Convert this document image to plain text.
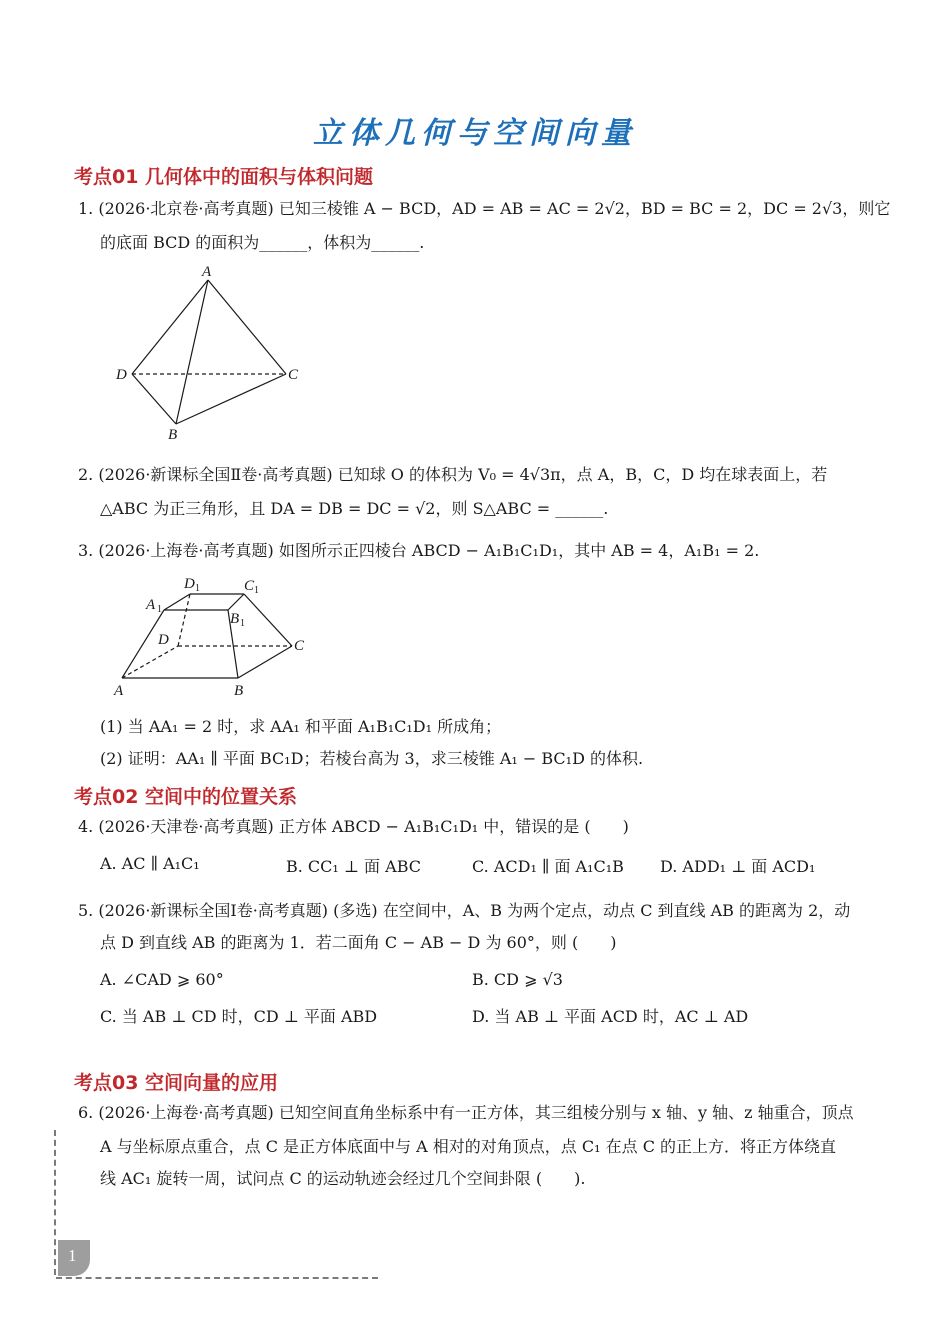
立体几何与空间向量
考点01 几何体中的面积与体积问题
1. (2026·北京卷·高考真题) 已知三棱锥 A − BCD，AD = AB = AC = 2√2，BD = BC = 2，DC = 2√3，则它
的底面 BCD 的面积为______，体积为______.
A
D	C
B
2. (2026·新课标全国Ⅱ卷·高考真题) 已知球 O 的体积为 V₀ = 4√3π，点 A，B，C，D 均在球表面上，若
△ABC 为正三角形，且 DA = DB = DC = √2，则 S△ABC = ______.
3. (2026·上海卷·高考真题) 如图所示正四棱台 ABCD − A₁B₁C₁D₁，其中 AB = 4，A₁B₁ = 2.
A	B
C
D
A 1
B 1
C 1
D 1
(1) 当 AA₁ = 2 时，求 AA₁ 和平面 A₁B₁C₁D₁ 所成角；
(2) 证明：AA₁ ∥ 平面 BC₁D；若棱台高为 3，求三棱锥 A₁ − BC₁D 的体积.
考点02 空间中的位置关系
4. (2026·天津卷·高考真题) 正方体 ABCD − A₁B₁C₁D₁ 中，错误的是 (　　)
A. AC ∥ A₁C₁	B. CC₁ ⊥ 面 ABC	C. ACD₁ ∥ 面 A₁C₁B D. ADD₁ ⊥ 面 ACD₁
5. (2026·新课标全国Ⅰ卷·高考真题) (多选) 在空间中，A、B 为两个定点，动点 C 到直线 AB 的距离为 2，动
点 D 到直线 AB 的距离为 1．若二面角 C − AB − D 为 60°，则 (　　)
A. ∠CAD ⩾ 60°	B. CD ⩾ √3
C. 当 AB ⊥ CD 时，CD ⊥ 平面 ABD	D. 当 AB ⊥ 平面 ACD 时，AC ⊥ AD
考点03 空间向量的应用
6. (2026·上海卷·高考真题) 已知空间直角坐标系中有一正方体，其三组棱分别与 x 轴、y 轴、z 轴重合，顶点
A 与坐标原点重合，点 C 是正方体底面中与 A 相对的对角顶点，点 C₁ 在点 C 的正上方．将正方体绕直
线 AC₁ 旋转一周，试问点 C 的运动轨迹会经过几个空间卦限 (　　).
1
